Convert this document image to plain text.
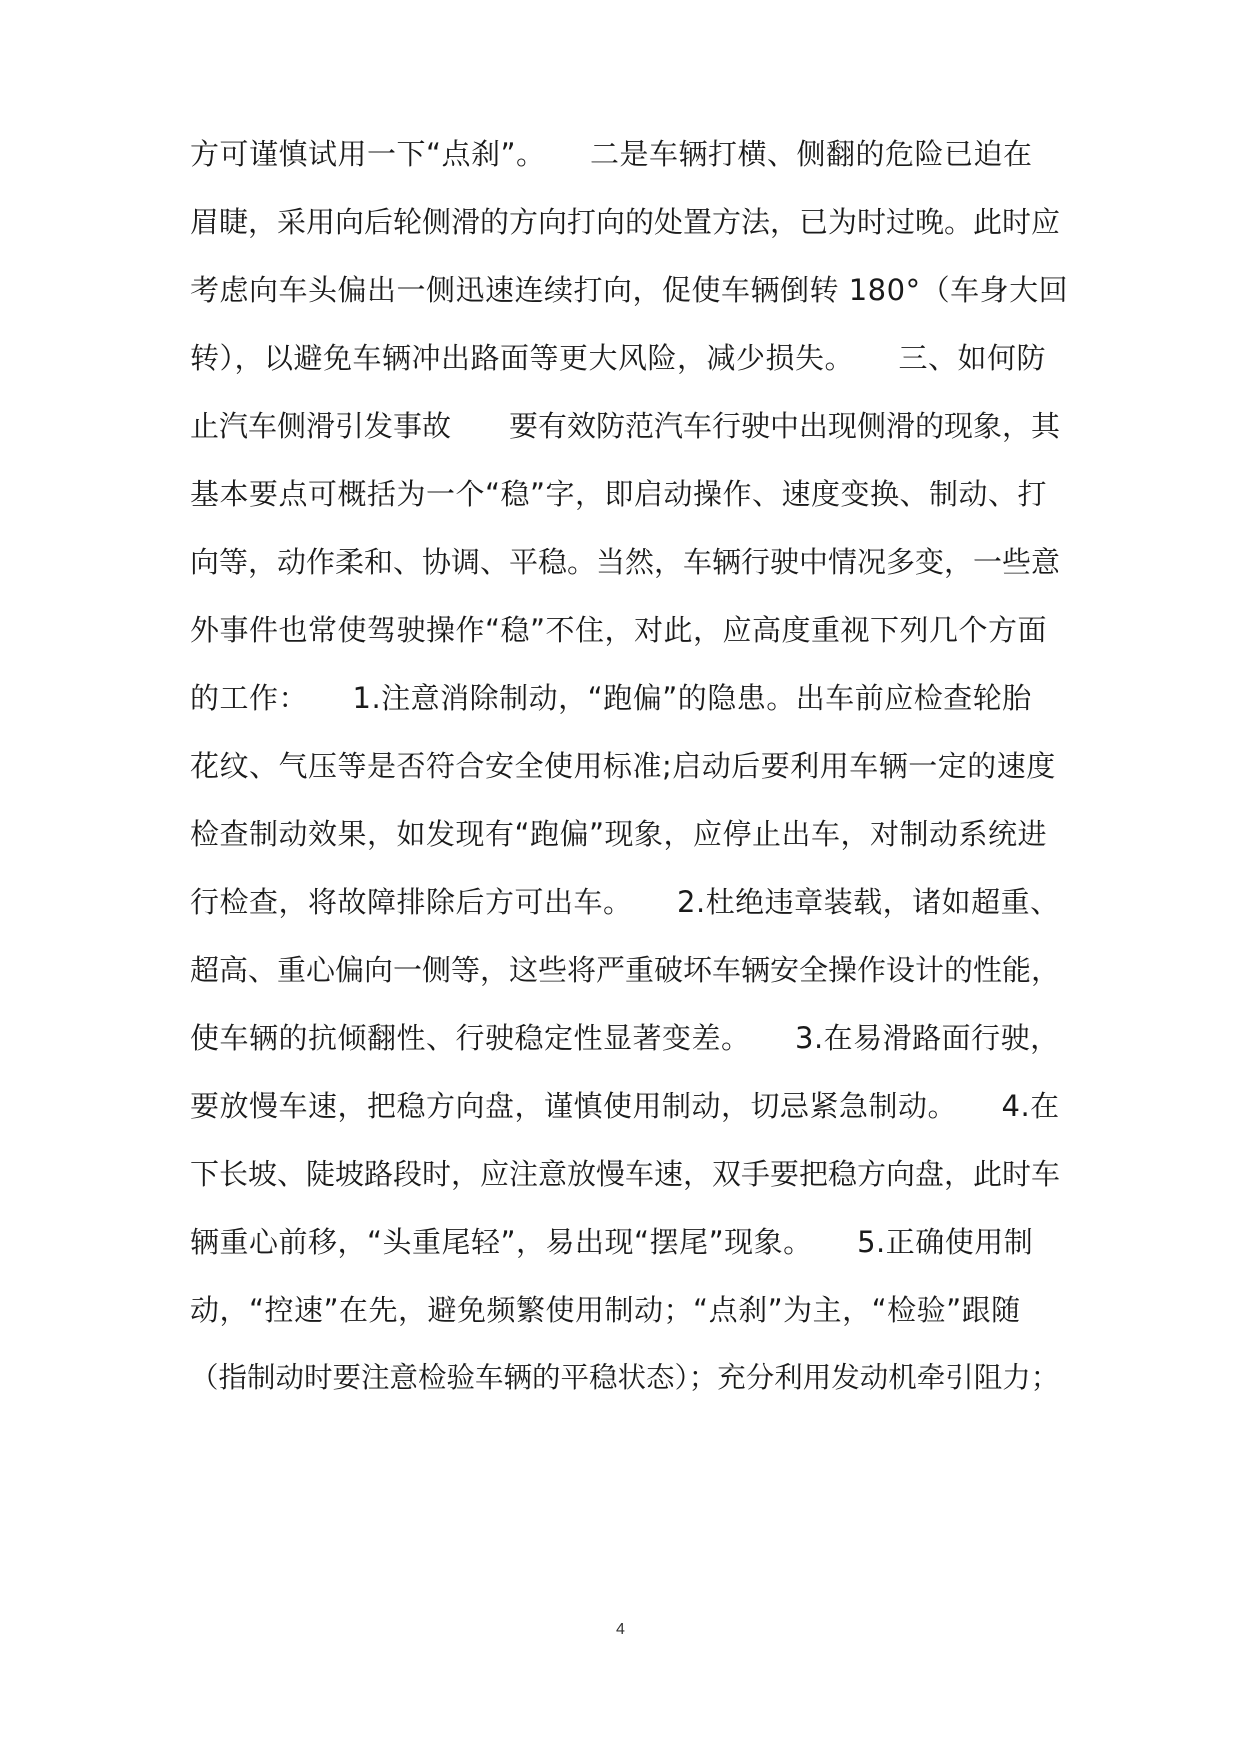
方可谨慎试用一下“点刹”。　　二是车辆打横、侧翻的危险已迫在
眉睫，采用向后轮侧滑的方向打向的处置方法，已为时过晚。此时应
考虑向车头偏出一侧迅速连续打向，促使车辆倒转 180°（车身大回
转），以避免车辆冲出路面等更大风险，减少损失。　　三、如何防
止汽车侧滑引发事故　　要有效防范汽车行驶中出现侧滑的现象，其
基本要点可概括为一个“稳”字，即启动操作、速度变换、制动、打
向等，动作柔和、协调、平稳。当然，车辆行驶中情况多变，一些意
外事件也常使驾驶操作“稳”不住，对此，应高度重视下列几个方面
的工作：　　1.注意消除制动，“跑偏”的隐患。出车前应检查轮胎
花纹、气压等是否符合安全使用标准;启动后要利用车辆一定的速度
检查制动效果，如发现有“跑偏”现象，应停止出车，对制动系统进
行检查，将故障排除后方可出车。　　2.杜绝违章装载，诸如超重、
超高、重心偏向一侧等，这些将严重破坏车辆安全操作设计的性能，
使车辆的抗倾翻性、行驶稳定性显著变差。　　3.在易滑路面行驶，
要放慢车速，把稳方向盘，谨慎使用制动，切忌紧急制动。　　4.在
下长坡、陡坡路段时，应注意放慢车速，双手要把稳方向盘，此时车
辆重心前移，“头重尾轻”，易出现“摆尾”现象。　　5.正确使用制
动，“控速”在先，避免频繁使用制动；“点刹”为主，“检验”跟随
（指制动时要注意检验车辆的平稳状态）；充分利用发动机牵引阻力；
4
